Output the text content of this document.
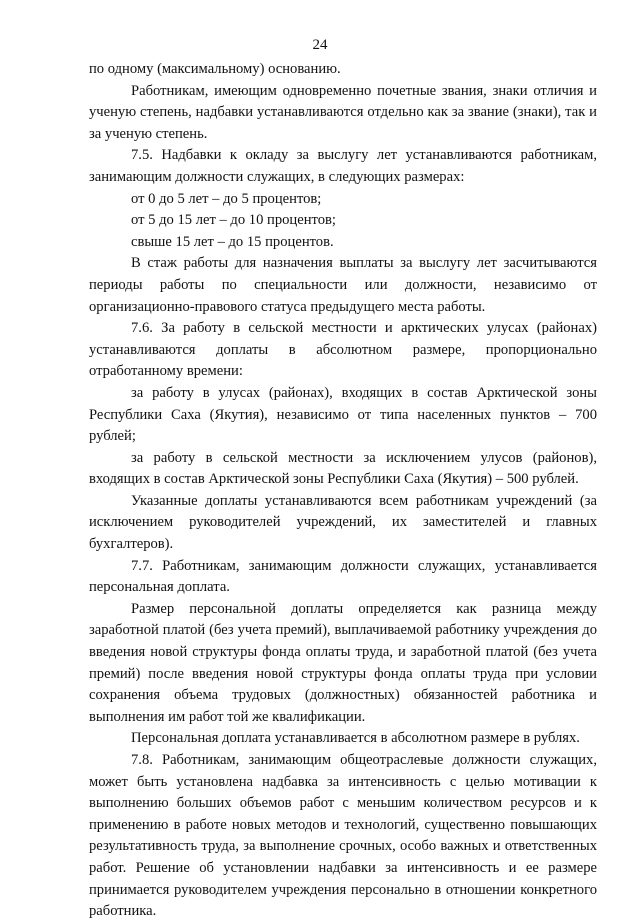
24

по одному (максимальному) основанию.

Работникам, имеющим одновременно почетные звания, знаки отличия и ученую степень, надбавки устанавливаются отдельно как за звание (знаки), так и за ученую степень.

7.5. Надбавки к окладу за выслугу лет устанавливаются работникам, занимающим должности служащих, в следующих размерах:

от 0 до 5 лет – до 5 процентов;

от 5 до 15 лет – до 10 процентов;

свыше 15 лет – до 15 процентов.

В стаж работы для назначения выплаты за выслугу лет засчитываются периоды работы по специальности или должности, независимо от организационно-правового статуса предыдущего места работы.

7.6. За работу в сельской местности и арктических улусах (районах) устанавливаются доплаты в абсолютном размере, пропорционально отработанному времени:

за работу в улусах (районах), входящих в состав Арктической зоны Республики Саха (Якутия), независимо от типа населенных пунктов – 700 рублей;

за работу в сельской местности за исключением улусов (районов), входящих в состав Арктической зоны Республики Саха (Якутия) – 500 рублей.

Указанные доплаты устанавливаются всем работникам учреждений (за исключением руководителей учреждений, их заместителей и главных бухгалтеров).

7.7. Работникам, занимающим должности служащих, устанавливается персональная доплата.

Размер персональной доплаты определяется как разница между заработной платой (без учета премий), выплачиваемой работнику учреждения до введения новой структуры фонда оплаты труда, и заработной платой (без учета премий) после введения новой структуры фонда оплаты труда при условии сохранения объема трудовых (должностных) обязанностей работника и выполнения им работ той же квалификации.

Персональная доплата устанавливается в абсолютном размере в рублях.

7.8. Работникам, занимающим общеотраслевые должности служащих, может быть установлена надбавка за интенсивность с целью мотивации к выполнению больших объемов работ с меньшим количеством ресурсов и к применению в работе новых методов и технологий, существенно повышающих результативность труда, за выполнение срочных, особо важных и ответственных работ. Решение об установлении надбавки за интенсивность и ее размере принимается руководителем учреждения персонально в отношении конкретного работника.
